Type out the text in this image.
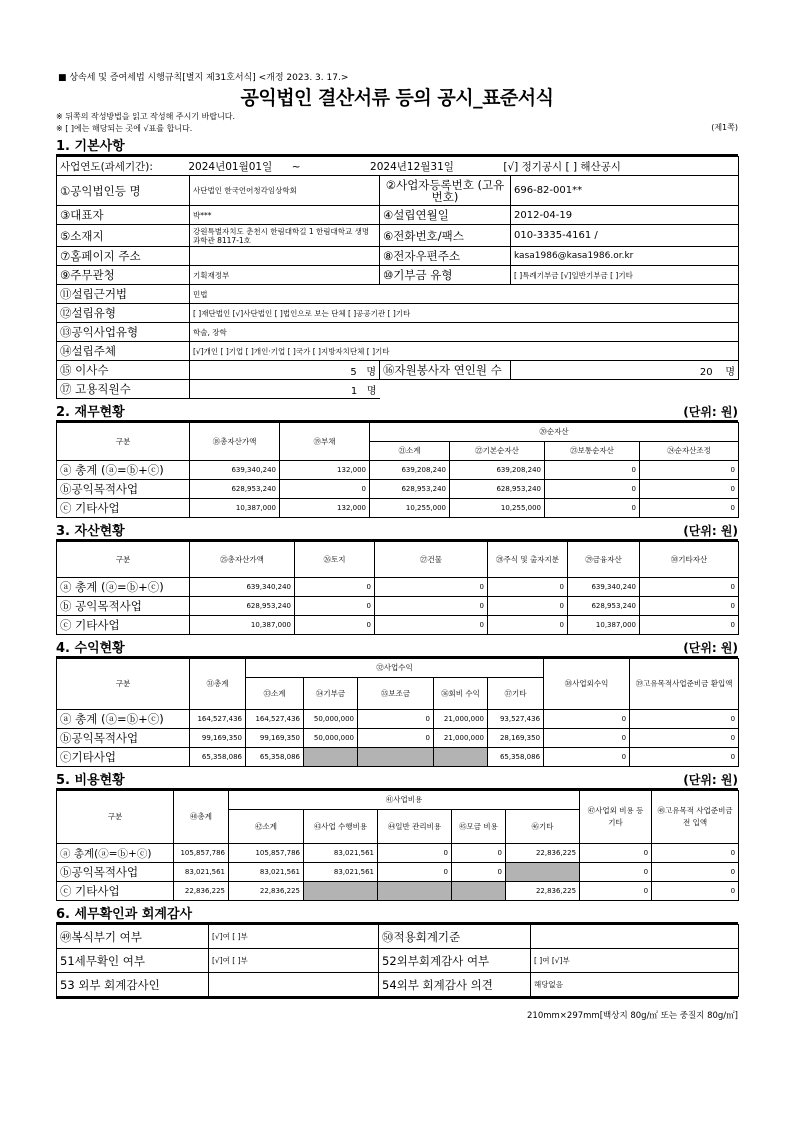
■ 상속세 및 증여세법 시행규칙[별지 제31호서식] <개정 2023. 3. 17.>
공익법인 결산서류 등의 공시_표준서식
※ 뒤쪽의 작성방법을 읽고 작성해 주시기 바랍니다.
※ [ ]에는 해당되는 곳에 √표를 합니다.	(제1쪽)
1. 기본사항
사업연도(과세기간): 2024년01월01일 ~ 2024년12월31일 [√] 정기공시 [ ] 해산공시			
①공익법인등 명	사단법인 한국언어청각임상학회	②사업자등록번호 (고유번호)	696-82-001**
③대표자	박***	④설립연월일	2012-04-19
⑤소재지	강원특별자치도 춘천시 한림대학길 1 한림대학교 생명과학관 8117-1호	⑥전화번호/팩스	010-3335-4161 /
⑦홈페이지 주소		⑧전자우편주소	kasa1986@kasa1986.or.kr
⑨주무관청	기획재정부	⑩기부금 유형	[ ]특례기부금 [√]일반기부금 [ ]기타
⑪설립근거법	민법		
⑫설립유형	[ ]재단법인 [√]사단법인 [ ]법인으로 보는 단체 [ ]공공기관 [ ]기타		
⑬공익사업유형	학술, 장학		
⑭설립주체	[√]개인 [ ]기업 [ ]개인·기업 [ ]국가 [ ]지방자치단체 [ ]기타		
⑮ 이사수	5 명	⑯자원봉사자 연인원 수	20 명
⑰ 고용직원수	1 명		
2. 재무현황	(단위: 원)
구분	⑱총자산가액	⑲부채	⑳순자산			
			㉑소계	㉒기본순자산	㉓보통순자산	㉔순자산조정
ⓐ 총계 (ⓐ=ⓑ+ⓒ)	639,340,240	132,000	639,208,240	639,208,240	0	0
ⓑ공익목적사업	628,953,240	0	628,953,240	628,953,240	0	0
ⓒ 기타사업	10,387,000	132,000	10,255,000	10,255,000	0	0
3. 자산현황	(단위: 원)
구분	㉕총자산가액	㉖토지	㉗건물	㉘주식 및 출자지분	㉙금융자산	㉚기타자산
ⓐ 총계 (ⓐ=ⓑ+ⓒ)	639,340,240	0	0	0	639,340,240	0
ⓑ 공익목적사업	628,953,240	0	0	0	628,953,240	0
ⓒ 기타사업	10,387,000	0	0	0	10,387,000	0
4. 수익현황	(단위: 원)
구분	㉛총계	㉜사업수익					㊳사업외수익	㊴고유목적사업준비금 환입액
		㉝소계	㉞기부금	㉟보조금	㊱회비 수익	㊲기타		
ⓐ 총계 (ⓐ=ⓑ+ⓒ)	164,527,436	164,527,436	50,000,000	0	21,000,000	93,527,436	0	0
ⓑ공익목적사업	99,169,350	99,169,350	50,000,000	0	21,000,000	28,169,350	0	0
ⓒ기타사업	65,358,086	65,358,086				65,358,086	0	0
5. 비용현황	(단위: 원)
구분	㊵총계	㊶사업비용					㊼사업외 비용 등 기타	㊽고유목적 사업준비금전 입액
		㊷소계	㊸사업 수행비용	㊹일반 관리비용	㊺모금 비용	㊻기타		
ⓐ 총계(ⓐ=ⓑ+ⓒ)	105,857,786	105,857,786	83,021,561	0	0	22,836,225	0	0
ⓑ공익목적사업	83,021,561	83,021,561	83,021,561	0	0		0	0
ⓒ 기타사업	22,836,225	22,836,225				22,836,225	0	0
6. 세무확인과 회계감사
㊾복식부기 여부	[√]여 [ ]부	㊿적용회계기준	
51세무확인 여부	[√]여 [ ]부	52외부회계감사 여부	[ ]여 [√]부
53 외부 회계감사인		54외부 회계감사 의견	해당없음
210mm×297mm[백상지 80g/㎡ 또는 중질지 80g/㎡]
